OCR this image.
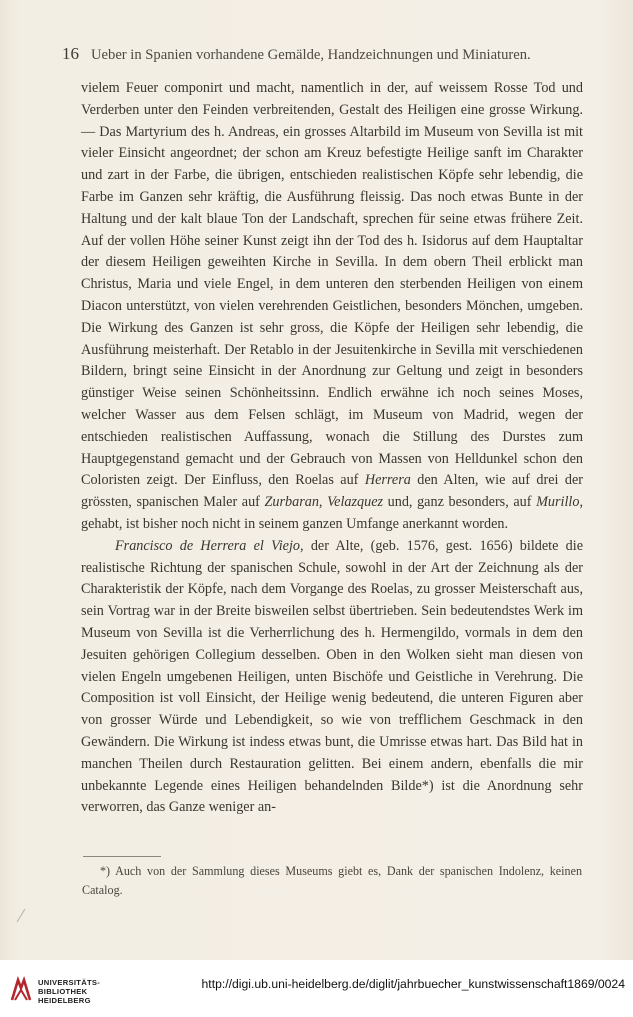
16 Ueber in Spanien vorhandene Gemälde, Handzeichnungen und Miniaturen.

vielem Feuer componirt und macht, namentlich in der, auf weissem Rosse Tod und Verderben unter den Feinden verbreitenden, Gestalt des Heiligen eine grosse Wirkung. — Das Martyrium des h. Andreas, ein grosses Altarbild im Museum von Sevilla ist mit vieler Einsicht angeordnet; der schon am Kreuz befestigte Heilige sanft im Charakter und zart in der Farbe, die übrigen, entschieden realistischen Köpfe sehr lebendig, die Farbe im Ganzen sehr kräftig, die Ausführung fleissig. Das noch etwas Bunte in der Haltung und der kalt blaue Ton der Landschaft, sprechen für seine etwas frühere Zeit. Auf der vollen Höhe seiner Kunst zeigt ihn der Tod des h. Isidorus auf dem Hauptaltar der diesem Heiligen geweihten Kirche in Sevilla. In dem obern Theil erblickt man Christus, Maria und viele Engel, in dem unteren den sterbenden Heiligen von einem Diacon unterstützt, von vielen verehrenden Geistlichen, besonders Mönchen, umgeben. Die Wirkung des Ganzen ist sehr gross, die Köpfe der Heiligen sehr lebendig, die Ausführung meisterhaft. Der Retablo in der Jesuitenkirche in Sevilla mit verschiedenen Bildern, bringt seine Einsicht in der Anordnung zur Geltung und zeigt in besonders günstiger Weise seinen Schönheitssinn. Endlich erwähne ich noch seines Moses, welcher Wasser aus dem Felsen schlägt, im Museum von Madrid, wegen der entschieden realistischen Auffassung, wonach die Stillung des Durstes zum Hauptgegenstand gemacht und der Gebrauch von Massen von Helldunkel schon den Coloristen zeigt. Der Einfluss, den Roelas auf Herrera den Alten, wie auf drei der grössten, spanischen Maler auf Zurbaran, Velazquez und, ganz besonders, auf Murillo, gehabt, ist bisher noch nicht in seinem ganzen Umfange anerkannt worden.

Francisco de Herrera el Viejo, der Alte, (geb. 1576, gest. 1656) bildete die realistische Richtung der spanischen Schule, sowohl in der Art der Zeichnung als der Charakteristik der Köpfe, nach dem Vorgange des Roelas, zu grosser Meisterschaft aus, sein Vortrag war in der Breite bisweilen selbst übertrieben. Sein bedeutendstes Werk im Museum von Sevilla ist die Verherrlichung des h. Hermengildo, vormals in dem den Jesuiten gehörigen Collegium desselben. Oben in den Wolken sieht man diesen von vielen Engeln umgebenen Heiligen, unten Bischöfe und Geistliche in Verehrung. Die Composition ist voll Einsicht, der Heilige wenig bedeutend, die unteren Figuren aber von grosser Würde und Lebendigkeit, so wie von trefflichem Geschmack in den Gewändern. Die Wirkung ist indess etwas bunt, die Umrisse etwas hart. Das Bild hat in manchen Theilen durch Restauration gelitten. Bei einem andern, ebenfalls die mir unbekannte Legende eines Heiligen behandelnden Bilde*) ist die Anordnung sehr verworren, das Ganze weniger an-

*) Auch von der Sammlung dieses Museums giebt es, Dank der spanischen Indolenz, keinen Catalog.
UNIVERSITÄTS-
BIBLIOTHEK
HEIDELBERG
http://digi.ub.uni-heidelberg.de/diglit/jahrbuecher_kunstwissenschaft1869/0024
